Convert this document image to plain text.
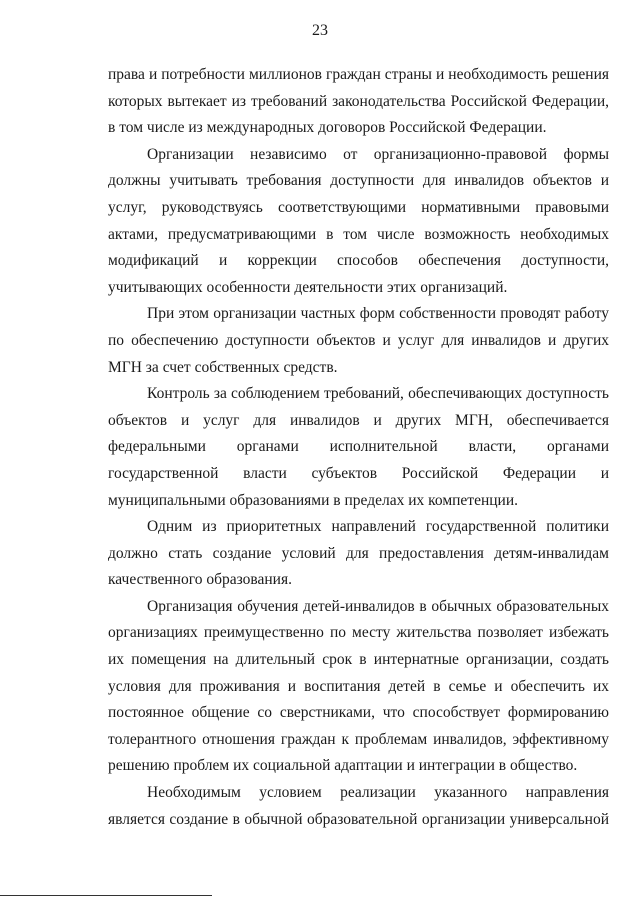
23

права и потребности миллионов граждан страны и необходимость решения которых вытекает из требований законодательства Российской Федерации, в том числе из международных договоров Российской Федерации.

Организации независимо от организационно-правовой формы должны учитывать требования доступности для инвалидов объектов и услуг, руководствуясь соответствующими нормативными правовыми актами, предусматривающими в том числе возможность необходимых модификаций и коррекции способов обеспечения доступности, учитывающих особенности деятельности этих организаций.

При этом организации частных форм собственности проводят работу по обеспечению доступности объектов и услуг для инвалидов и других МГН за счет собственных средств.

Контроль за соблюдением требований, обеспечивающих доступность объектов и услуг для инвалидов и других МГН, обеспечивается федеральными органами исполнительной власти, органами государственной власти субъектов Российской Федерации и муниципальными образованиями в пределах их компетенции.

Одним из приоритетных направлений государственной политики должно стать создание условий для предоставления детям-инвалидам качественного образования.

Организация обучения детей-инвалидов в обычных образовательных организациях преимущественно по месту жительства позволяет избежать их помещения на длительный срок в интернатные организации, создать условия для проживания и воспитания детей в семье и обеспечить их постоянное общение со сверстниками, что способствует формированию толерантного отношения граждан к проблемам инвалидов, эффективному решению проблем их социальной адаптации и интеграции в общество.

Необходимым условием реализации указанного направления является создание в обычной образовательной организации универсальной
